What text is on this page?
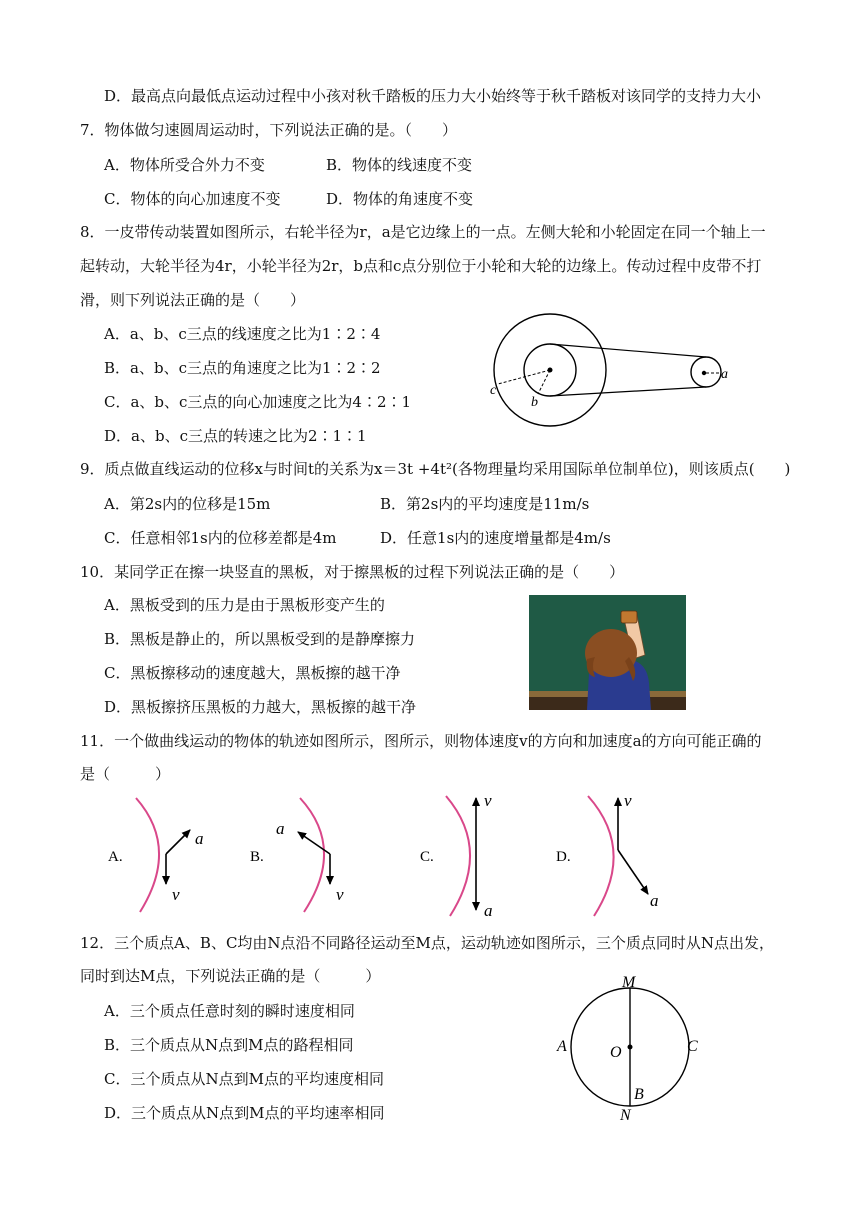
D．最高点向最低点运动过程中小孩对秋千踏板的压力大小始终等于秋千踏板对该同学的支持力大小
7．物体做匀速圆周运动时，下列说法正确的是。（　　）
A．物体所受合外力不变	B．物体的线速度不变
C．物体的向心加速度不变	D．物体的角速度不变
8．一皮带传动装置如图所示，右轮半径为r，a是它边缘上的一点。左侧大轮和小轮固定在同一个轴上一
起转动，大轮半径为4r，小轮半径为2r，b点和c点分别位于小轮和大轮的边缘上。传动过程中皮带不打
滑，则下列说法正确的是（　　）
A．a、b、c三点的线速度之比为1∶2∶4
B．a、b、c三点的角速度之比为1∶2∶2
C．a、b、c三点的向心加速度之比为4∶2∶1
D．a、b、c三点的转速之比为2∶1∶1
c
b
a
9．质点做直线运动的位移x与时间t的关系为x＝3t +4t²(各物理量均采用国际单位制单位)，则该质点(　　)
A．第2s内的位移是15m	B．第2s内的平均速度是11m/s
C．任意相邻1s内的位移差都是4m	D．任意1s内的速度增量都是4m/s
10．某同学正在擦一块竖直的黑板，对于擦黑板的过程下列说法正确的是（　　）
A．黑板受到的压力是由于黑板形变产生的
B．黑板是静止的，所以黑板受到的是静摩擦力
C．黑板擦移动的速度越大，黑板擦的越干净
D．黑板擦挤压黑板的力越大，黑板擦的越干净
11．一个做曲线运动的物体的轨迹如图所示，图所示，则物体速度v的方向和加速度a的方向可能正确的
是（　　　）
A.
v
a
B.
v
a
C.
v
a
D.
v
a
12．三个质点A、B、C均由N点沿不同路径运动至M点，运动轨迹如图所示，三个质点同时从N点出发，
同时到达M点，下列说法正确的是（　　　）
A．三个质点任意时刻的瞬时速度相同
B．三个质点从N点到M点的路程相同
C．三个质点从N点到M点的平均速度相同
D．三个质点从N点到M点的平均速率相同
M
N
A	C
B
O
